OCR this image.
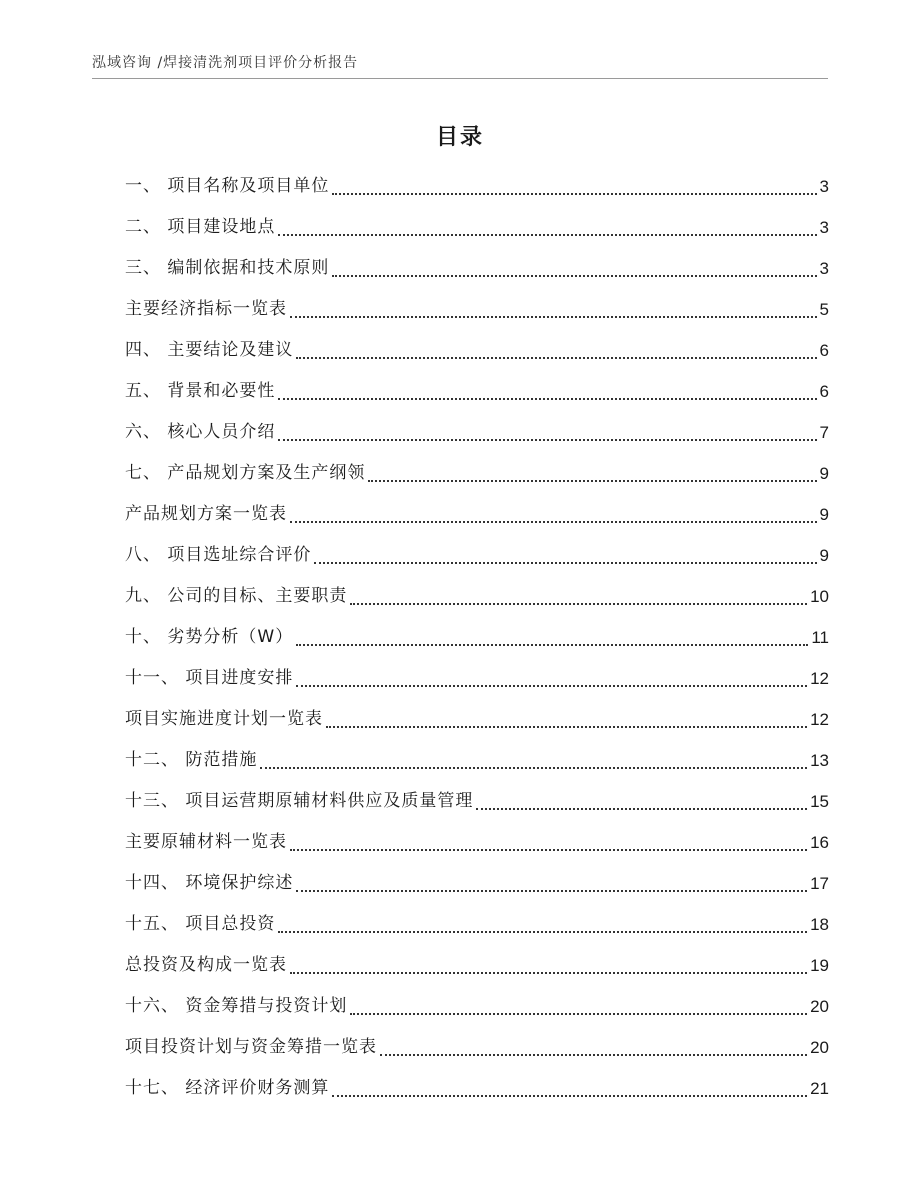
泓域咨询 /焊接清洗剂项目评价分析报告
目录
一、 项目名称及项目单位	3
二、 项目建设地点	3
三、 编制依据和技术原则	3
主要经济指标一览表	5
四、 主要结论及建议	6
五、 背景和必要性	6
六、 核心人员介绍	7
七、 产品规划方案及生产纲领	9
产品规划方案一览表	9
八、 项目选址综合评价	9
九、 公司的目标、主要职责	10
十、 劣势分析（W）	11
十一、 项目进度安排	12
项目实施进度计划一览表	12
十二、 防范措施	13
十三、 项目运营期原辅材料供应及质量管理	15
主要原辅材料一览表	16
十四、 环境保护综述	17
十五、 项目总投资	18
总投资及构成一览表	19
十六、 资金筹措与投资计划	20
项目投资计划与资金筹措一览表	20
十七、 经济评价财务测算	21
